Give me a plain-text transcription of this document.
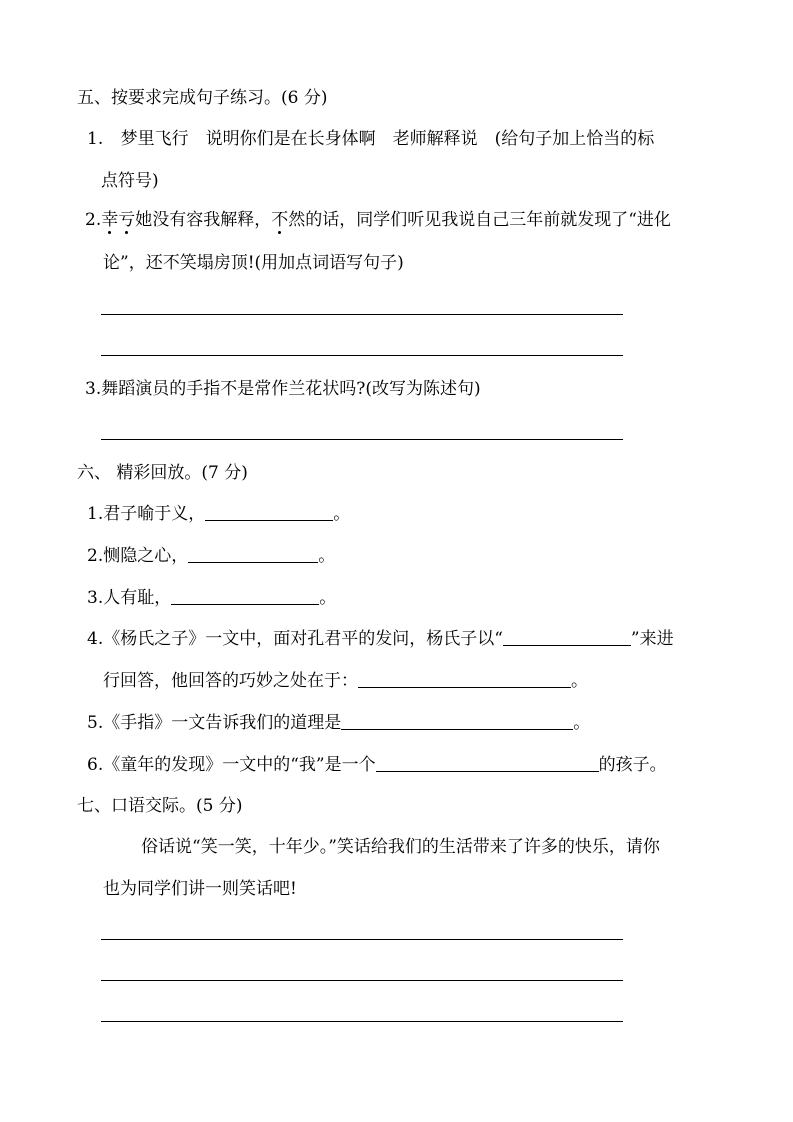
五、按要求完成句子练习。(6 分)
1. 梦里飞行　说明你们是在长身体啊　老师解释说　(给句子加上恰当的标
点符号)
2.幸亏她没有容我解释，不然的话，同学们听见我说自己三年前就发现了“进化
论”，还不笑塌房顶!(用加点词语写句子)
3.舞蹈演员的手指不是常作兰花状吗?(改写为陈述句)
六、 精彩回放。(7 分)
1.君子喻于义，	。
2.恻隐之心，	。
3.人有耻，	。
4.《杨氏之子》一文中，面对孔君平的发问，杨氏子以“	”来进
行回答，他回答的巧妙之处在于：	。
5.《手指》一文告诉我们的道理是	。
6.《童年的发现》一文中的“我”是一个	的孩子。
七、口语交际。(5 分)
俗话说“笑一笑，十年少。”笑话给我们的生活带来了许多的快乐，请你
也为同学们讲一则笑话吧!
